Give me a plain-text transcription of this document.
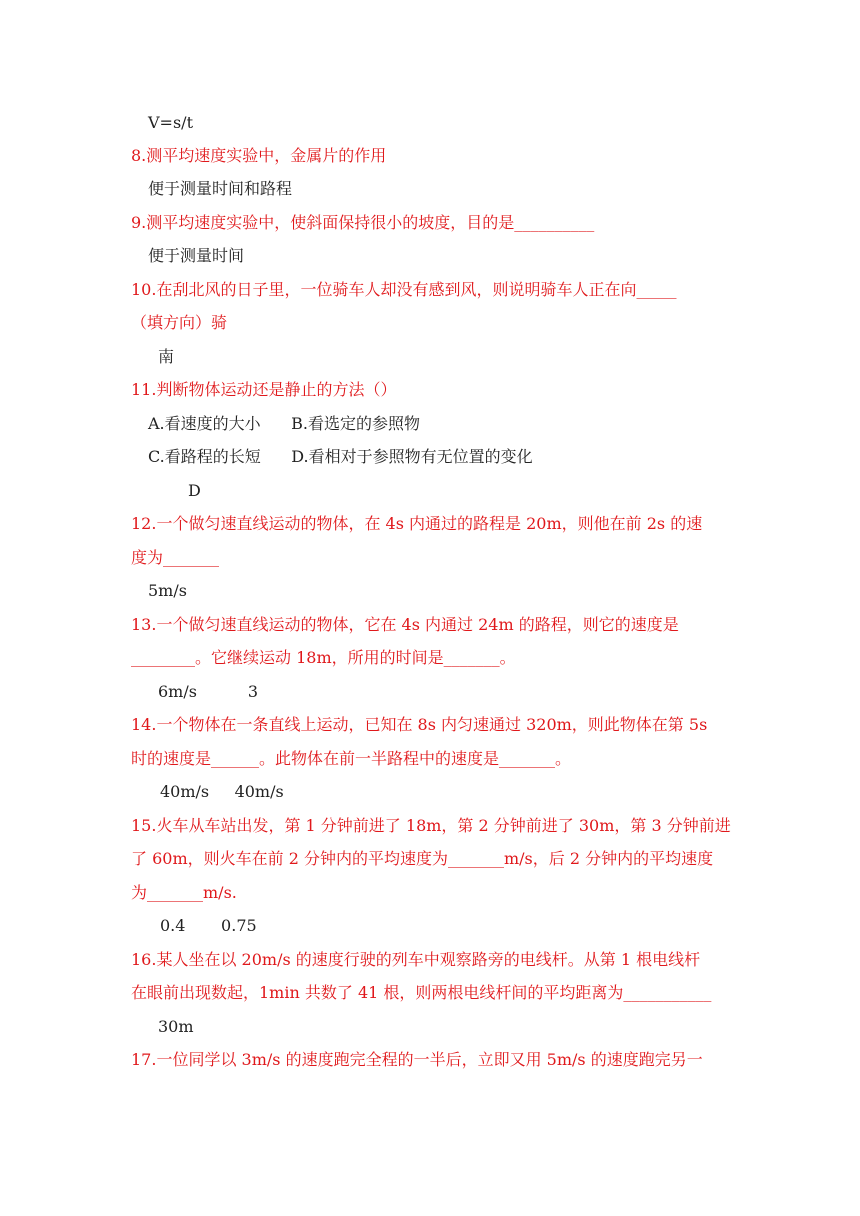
V=s/t
8.测平均速度实验中，金属片的作用
便于测量时间和路程
9.测平均速度实验中，使斜面保持很小的坡度，目的是__________
便于测量时间
10.在刮北风的日子里，一位骑车人却没有感到风，则说明骑车人正在向_____
（填方向）骑
南
11.判断物体运动还是静止的方法（）
A.看速度的大小      B.看选定的参照物
C.看路程的长短      D.看相对于参照物有无位置的变化
D
12.一个做匀速直线运动的物体，在 4s 内通过的路程是 20m，则他在前 2s 的速
度为_______
5m/s
13.一个做匀速直线运动的物体，它在 4s 内通过 24m 的路程，则它的速度是
________。它继续运动 18m，所用的时间是_______。
6m/s          3
14.一个物体在一条直线上运动，已知在 8s 内匀速通过 320m，则此物体在第 5s
时的速度是______。此物体在前一半路程中的速度是_______。
40m/s     40m/s
15.火车从车站出发，第 1 分钟前进了 18m，第 2 分钟前进了 30m，第 3 分钟前进
了 60m，则火车在前 2 分钟内的平均速度为_______m/s，后 2 分钟内的平均速度
为_______m/s.
0.4       0.75
16.某人坐在以 20m/s 的速度行驶的列车中观察路旁的电线杆。从第 1 根电线杆
在眼前出现数起，1min 共数了 41 根，则两根电线杆间的平均距离为___________
30m
17.一位同学以 3m/s 的速度跑完全程的一半后，立即又用 5m/s 的速度跑完另一
